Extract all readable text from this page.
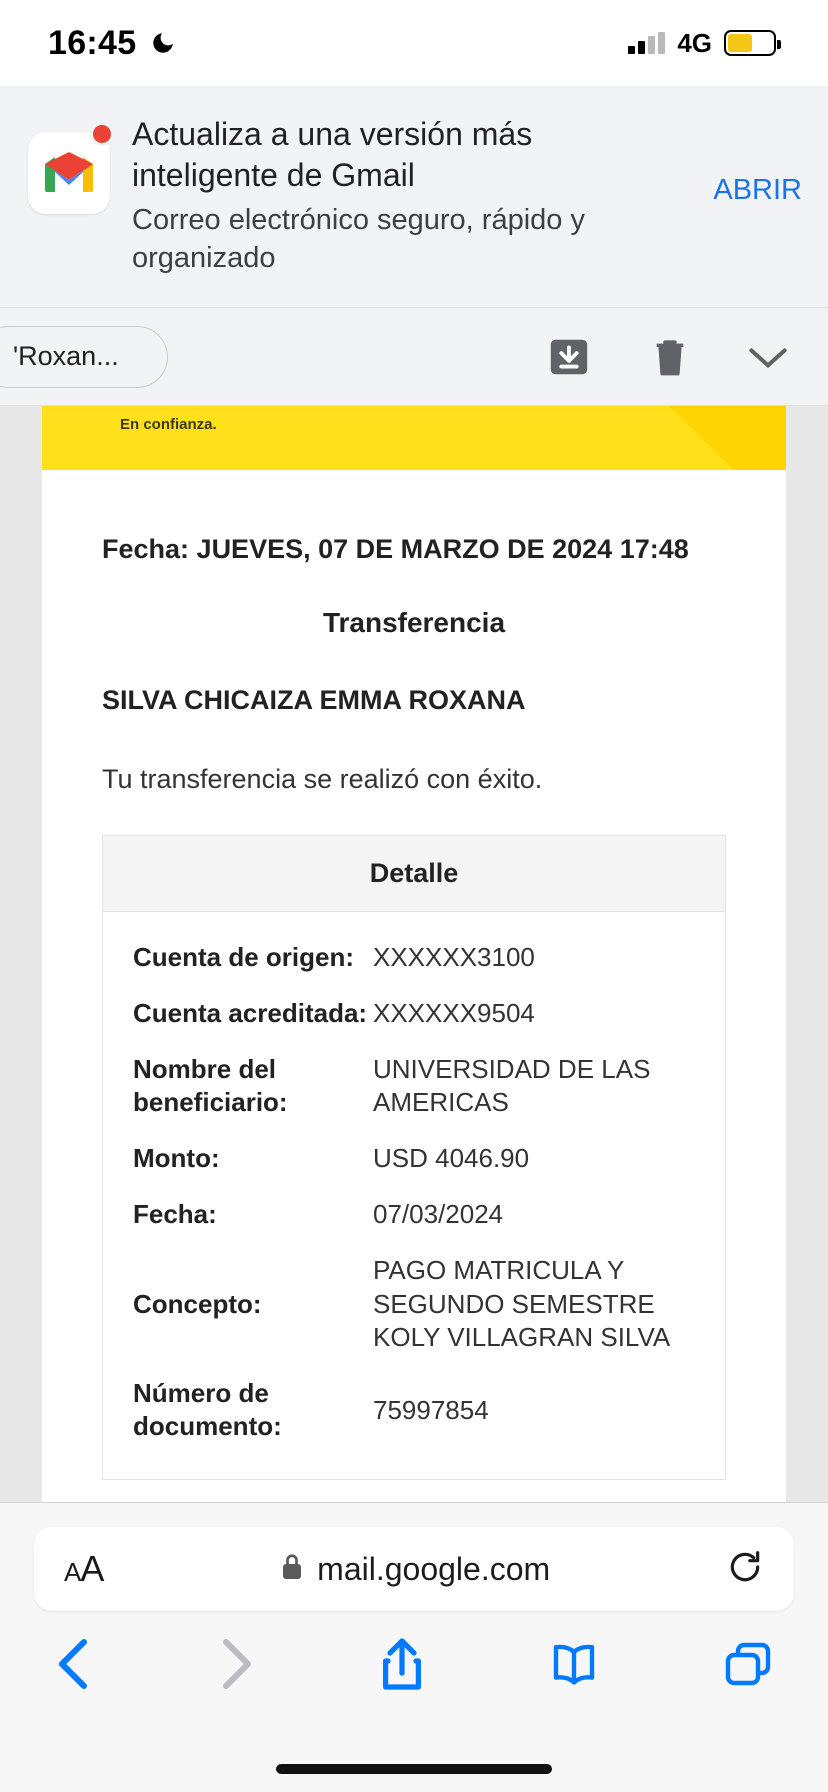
16:45	4G
Actualiza a una versión más inteligente de Gmail
Correo electrónico seguro, rápido y organizado
ABRIR
'Roxan...
En confianza.
Fecha: JUEVES, 07 DE MARZO DE 2024 17:48
Transferencia
SILVA CHICAIZA EMMA ROXANA
Tu transferencia se realizó con éxito.
Detalle
Cuenta de origen: XXXXXX3100
Cuenta acreditada: XXXXXX9504
Nombre del beneficiario:
UNIVERSIDAD DE LAS AMERICAS
Monto:	USD 4046.90
Fecha:	07/03/2024
Concepto:
PAGO MATRICULA Y SEGUNDO SEMESTRE KOLY VILLAGRAN SILVA
Número de documento:
75997854
AA	mail.google.com
